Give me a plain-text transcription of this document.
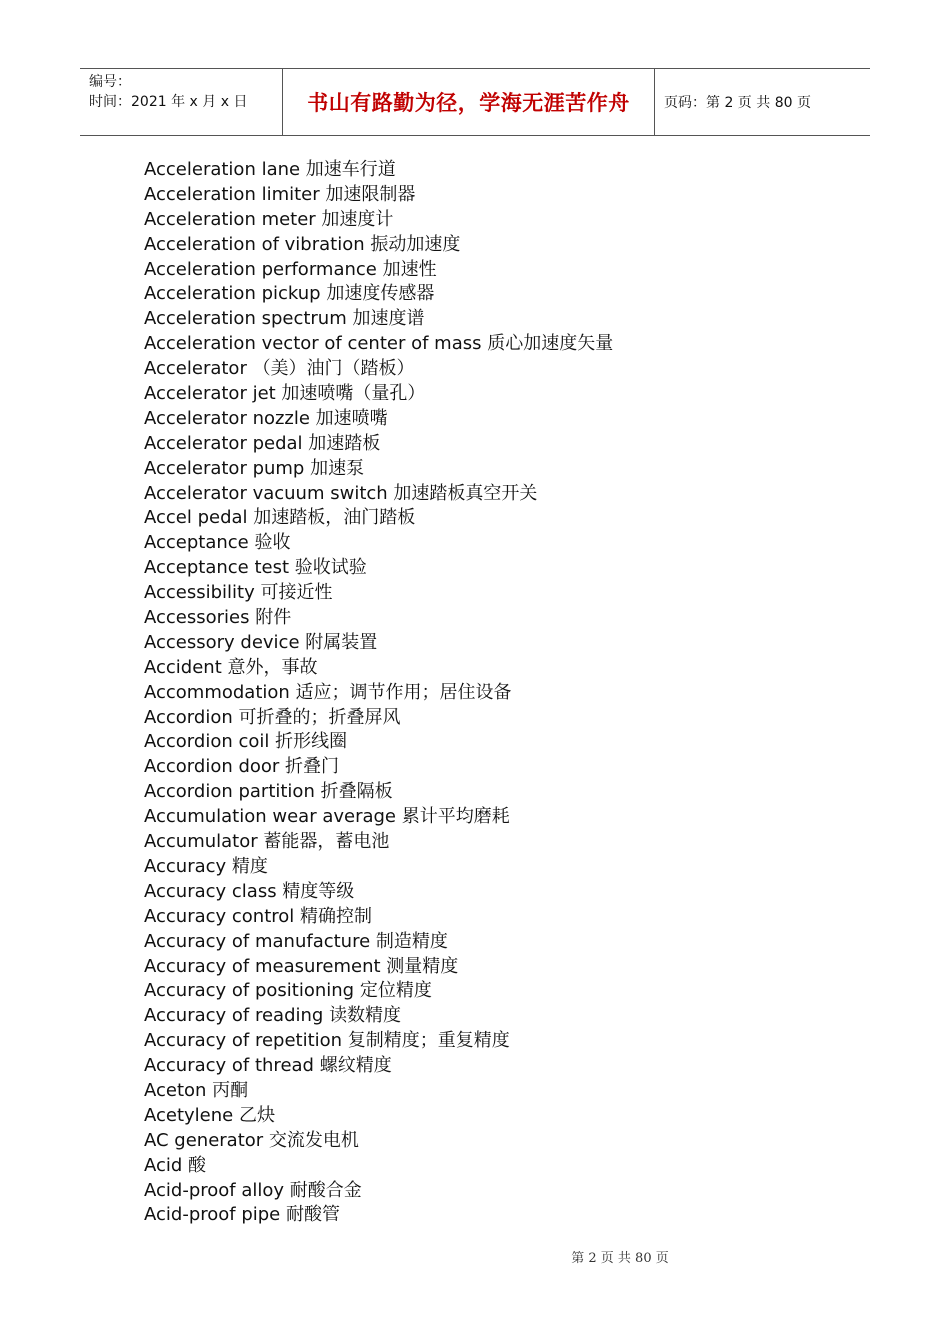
编号：
时间：2021 年 x 月 x 日	书山有路勤为径，学海无涯苦作舟	页码：第 2 页 共 80 页
Acceleration lane 加速车行道
Acceleration limiter 加速限制器
Acceleration meter 加速度计
Acceleration of vibration 振动加速度
Acceleration performance 加速性
Acceleration pickup 加速度传感器
Acceleration spectrum 加速度谱
Acceleration vector of center of mass 质心加速度矢量
Accelerator （美）油门（踏板）
Accelerator jet 加速喷嘴（量孔）
Accelerator nozzle 加速喷嘴
Accelerator pedal 加速踏板
Accelerator pump 加速泵
Accelerator vacuum switch 加速踏板真空开关
Accel pedal 加速踏板，油门踏板
Acceptance 验收
Acceptance test 验收试验
Accessibility 可接近性
Accessories 附件
Accessory device 附属装置
Accident 意外，事故
Accommodation 适应；调节作用；居住设备
Accordion 可折叠的；折叠屏风
Accordion coil 折形线圈
Accordion door 折叠门
Accordion partition 折叠隔板
Accumulation wear average 累计平均磨耗
Accumulator 蓄能器，蓄电池
Accuracy 精度
Accuracy class 精度等级
Accuracy control 精确控制
Accuracy of manufacture 制造精度
Accuracy of measurement 测量精度
Accuracy of positioning 定位精度
Accuracy of reading 读数精度
Accuracy of repetition 复制精度；重复精度
Accuracy of thread 螺纹精度
Aceton 丙酮
Acetylene 乙炔
AC generator 交流发电机
Acid 酸
Acid-proof alloy 耐酸合金
Acid-proof pipe 耐酸管
第 2 页 共 80 页
